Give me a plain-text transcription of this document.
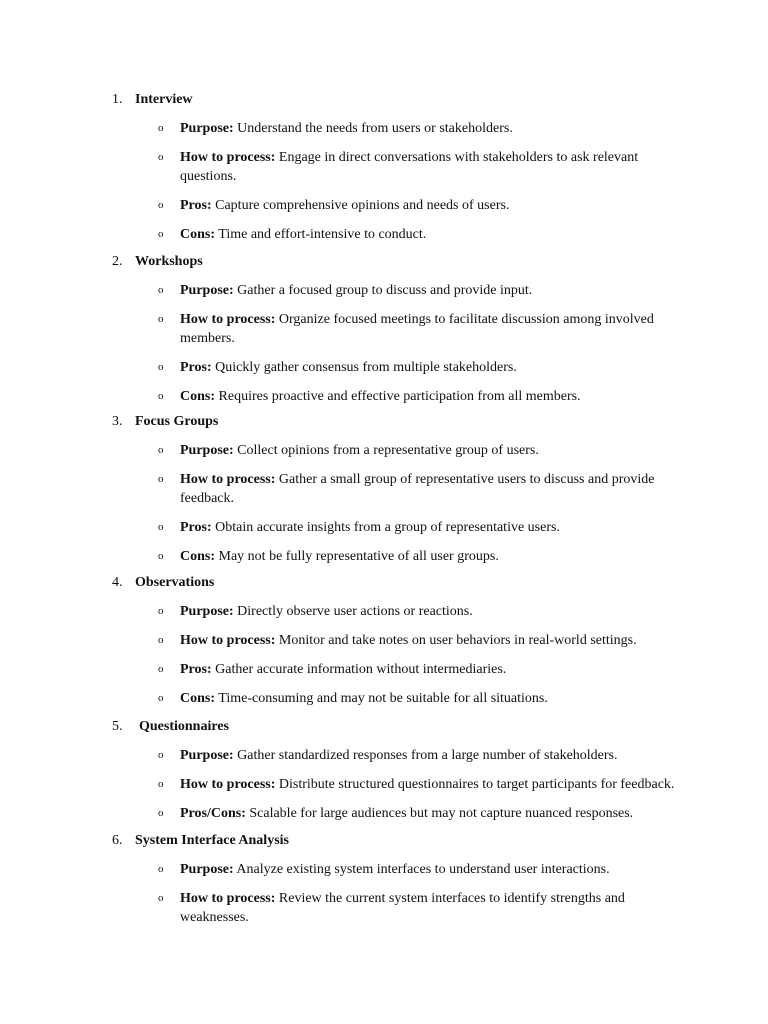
1. Interview
o Purpose: Understand the needs from users or stakeholders.
o How to process: Engage in direct conversations with stakeholders to ask relevant questions.
o Pros: Capture comprehensive opinions and needs of users.
o Cons: Time and effort-intensive to conduct.
2. Workshops
o Purpose: Gather a focused group to discuss and provide input.
o How to process: Organize focused meetings to facilitate discussion among involved members.
o Pros: Quickly gather consensus from multiple stakeholders.
o Cons: Requires proactive and effective participation from all members.
3. Focus Groups
o Purpose: Collect opinions from a representative group of users.
o How to process: Gather a small group of representative users to discuss and provide feedback.
o Pros: Obtain accurate insights from a group of representative users.
o Cons: May not be fully representative of all user groups.
4. Observations
o Purpose: Directly observe user actions or reactions.
o How to process: Monitor and take notes on user behaviors in real-world settings.
o Pros: Gather accurate information without intermediaries.
o Cons: Time-consuming and may not be suitable for all situations.
5. Questionnaires
o Purpose: Gather standardized responses from a large number of stakeholders.
o How to process: Distribute structured questionnaires to target participants for feedback.
o Pros/Cons: Scalable for large audiences but may not capture nuanced responses.
6. System Interface Analysis
o Purpose: Analyze existing system interfaces to understand user interactions.
o How to process: Review the current system interfaces to identify strengths and weaknesses.
